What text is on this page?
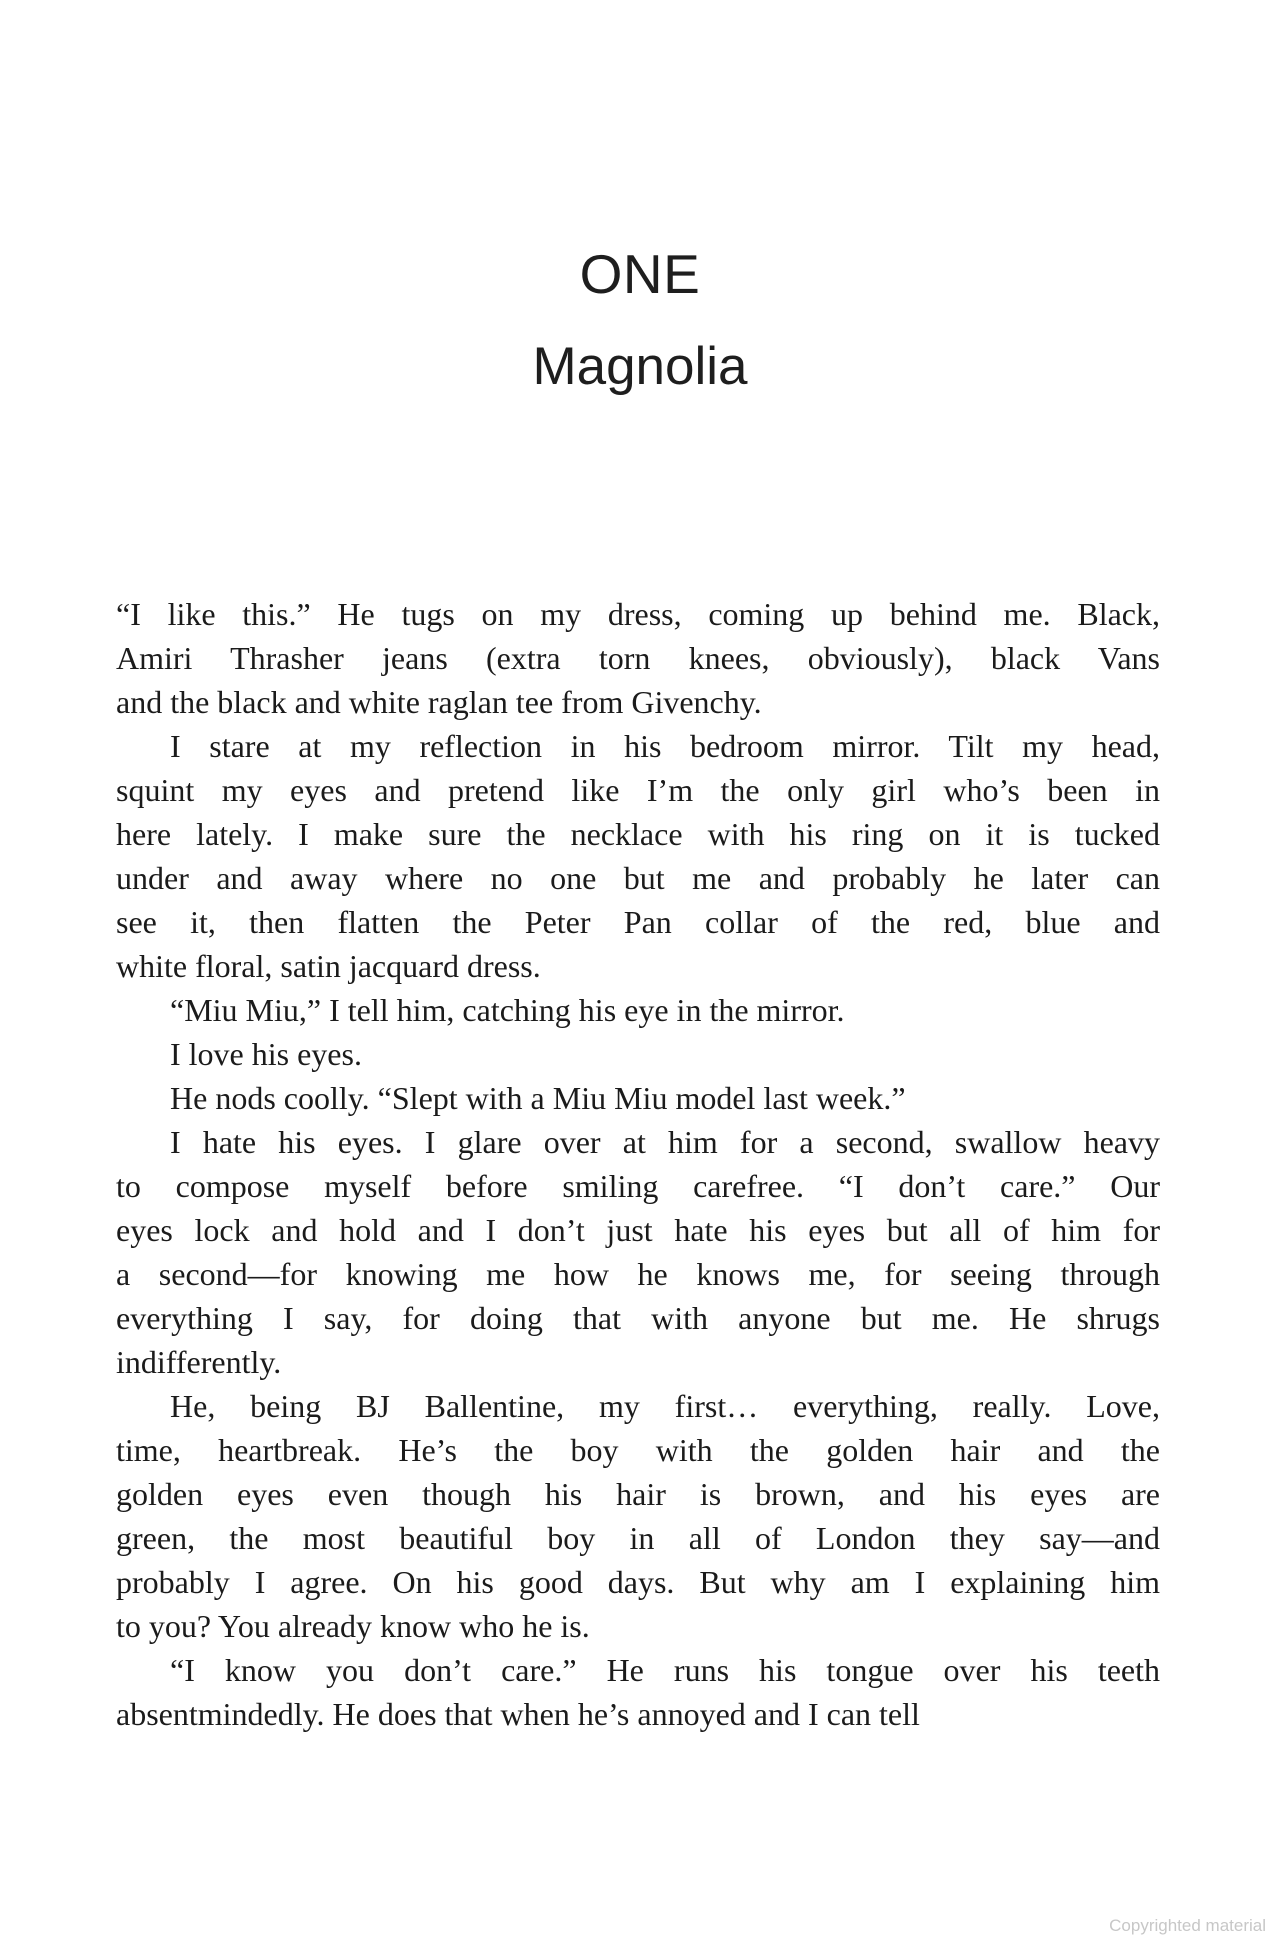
ONE
Magnolia

“I like this.” He tugs on my dress, coming up behind me. Black,
Amiri Thrasher jeans (extra torn knees, obviously), black Vans
and the black and white raglan tee from Givenchy.

I stare at my reflection in his bedroom mirror. Tilt my head,
squint my eyes and pretend like I’m the only girl who’s been in
here lately. I make sure the necklace with his ring on it is tucked
under and away where no one but me and probably he later can
see it, then flatten the Peter Pan collar of the red, blue and
white floral, satin jacquard dress.

“Miu Miu,” I tell him, catching his eye in the mirror.

I love his eyes.

He nods coolly. “Slept with a Miu Miu model last week.”

I hate his eyes. I glare over at him for a second, swallow heavy
to compose myself before smiling carefree. “I don’t care.” Our
eyes lock and hold and I don’t just hate his eyes but all of him for
a second—for knowing me how he knows me, for seeing through
everything I say, for doing that with anyone but me. He shrugs
indifferently.

He, being BJ Ballentine, my first… everything, really. Love,
time, heartbreak. He’s the boy with the golden hair and the
golden eyes even though his hair is brown, and his eyes are
green, the most beautiful boy in all of London they say—and
probably I agree. On his good days. But why am I explaining him
to you? You already know who he is.

“I know you don’t care.” He runs his tongue over his teeth
absentmindedly. He does that when he’s annoyed and I can tell

Copyrighted material
